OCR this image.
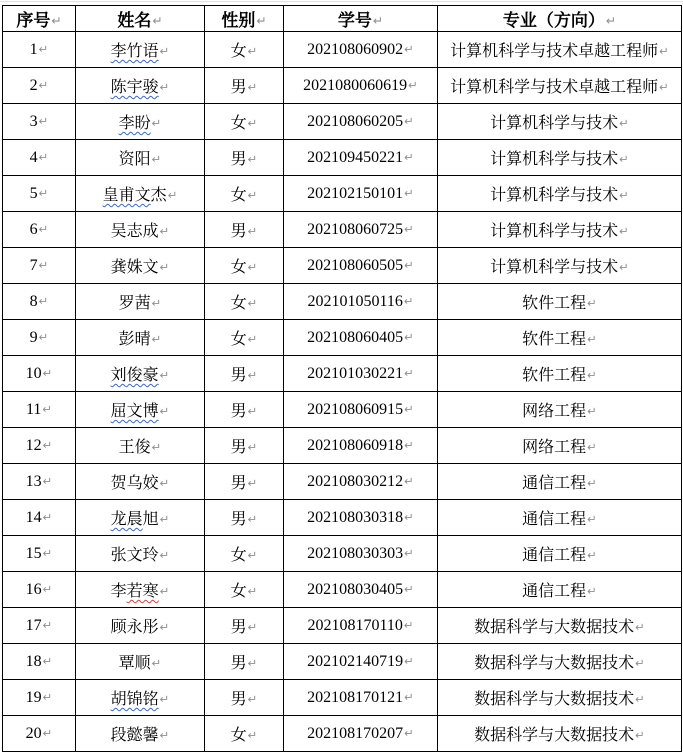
序号↵	姓名↵	性别↵	学号↵	专业（方向）↵
1↵	李竹语↵	女↵	202108060902↵	计算机科学与技术卓越工程师↵
2↵	陈宇骏↵	男↵	2021080060619↵	计算机科学与技术卓越工程师↵
3↵	李盼↵	女↵	202108060205↵	计算机科学与技术↵
4↵	资阳↵	男↵	202109450221↵	计算机科学与技术↵
5↵	皇甫文杰↵	女↵	202102150101↵	计算机科学与技术↵
6↵	吴志成↵	男↵	202108060725↵	计算机科学与技术↵
7↵	龚姝文↵	女↵	202108060505↵	计算机科学与技术↵
8↵	罗茜↵	女↵	202101050116↵	软件工程↵
9↵	彭晴↵	女↵	202108060405↵	软件工程↵
10↵	刘俊豪↵	男↵	202101030221↵	软件工程↵
11↵	屈文博↵	男↵	202108060915↵	网络工程↵
12↵	王俊↵	男↵	202108060918↵	网络工程↵
13↵	贺乌姣↵	男↵	202108030212↵	通信工程↵
14↵	龙晨旭↵	男↵	202108030318↵	通信工程↵
15↵	张文玲↵	女↵	202108030303↵	通信工程↵
16↵	李若寒↵	女↵	202108030405↵	通信工程↵
17↵	顾永彤↵	男↵	202108170110↵	数据科学与大数据技术↵
18↵	覃顺↵	男↵	202102140719↵	数据科学与大数据技术↵
19↵	胡锦铭↵	男↵	202108170121↵	数据科学与大数据技术↵
20↵	段懿馨↵	女↵	202108170207↵	数据科学与大数据技术↵
